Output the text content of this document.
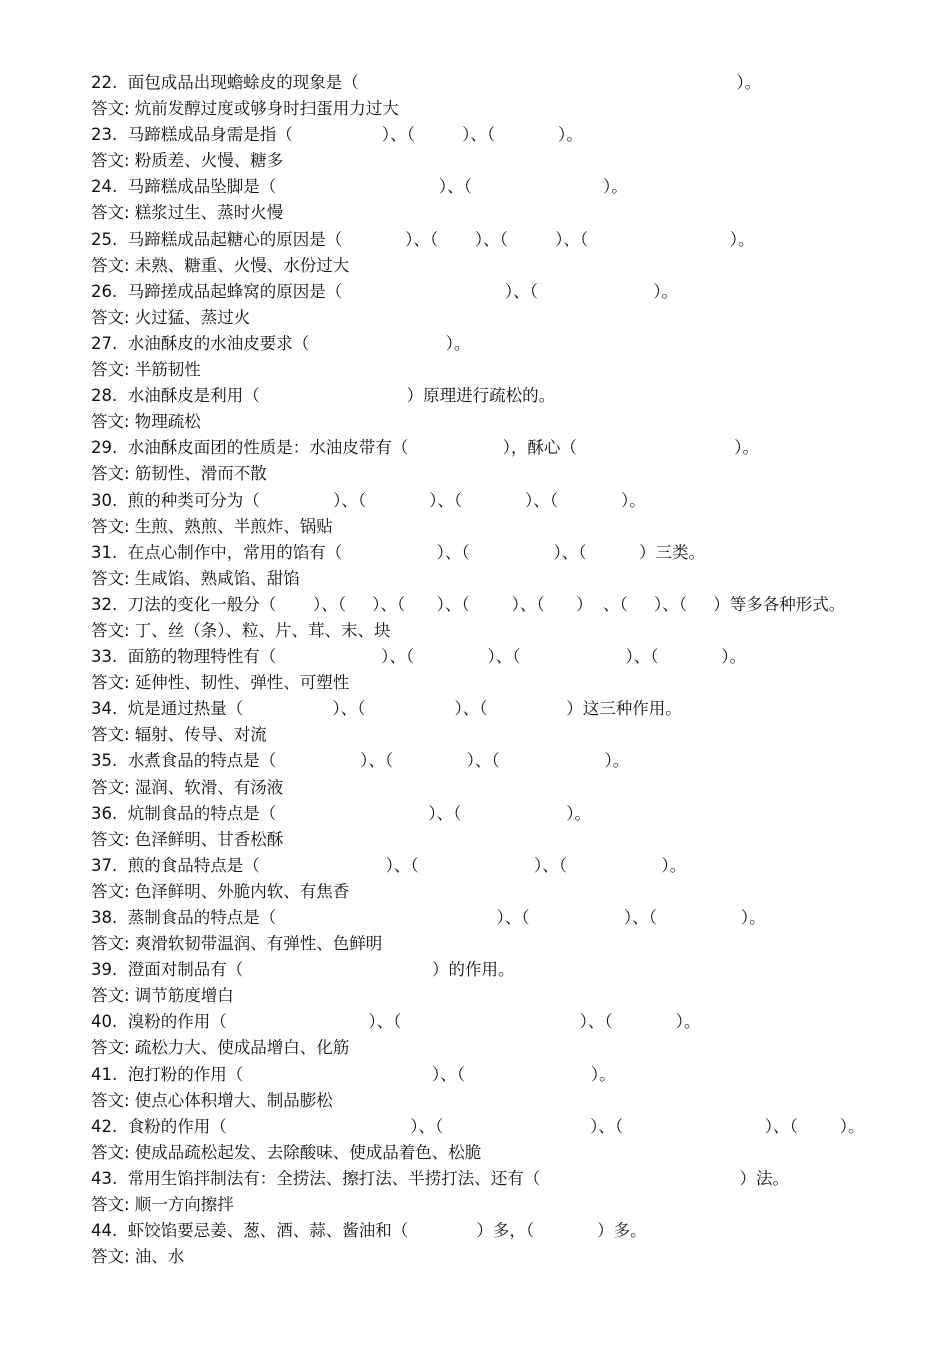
22.  面包成品出现蟾蜍皮的现象是（                                                                        ）。
答文: 炕前发醇过度或够身时扫蛋用力过大
23.  马蹄糕成品身需是指（                 ）、（         ）、（            ）。
答文: 粉质差、火慢、糖多
24.  马蹄糕成品坠脚是（                               ）、（                         ）。
答文: 糕浆过生、蒸时火慢
25.  马蹄糕成品起糖心的原因是（            ）、（       ）、（         ）、（                           ）。
答文: 未熟、糖重、火慢、水份过大
26.  马蹄搓成品起蜂窝的原因是（                               ）、（                      ）。
答文: 火过猛、蒸过火
27.  水油酥皮的水油皮要求（                          ）。
答文: 半筋韧性
28.  水油酥皮是利用（                            ）原理进行疏松的。
答文: 物理疏松
29.  水油酥皮面团的性质是：水油皮带有（                  ），酥心（                              ）。
答文: 筋韧性、滑而不散
30.  煎的种类可分为（              ）、（            ）、（            ）、（            ）。
答文: 生煎、熟煎、半煎炸、锅贴
31.  在点心制作中，常用的馅有（                  ）、（                ）、（          ）三类。
答文: 生咸馅、熟咸馅、甜馅
32.  刀法的变化一般分（       ）、（     ）、（      ）、（        ）、（      ）  、（     ）、（     ）等多各种形式。
答文: 丁、丝（条）、粒、片、茸、末、块
33.  面筋的物理特性有（                    ）、（              ）、（                    ）、（            ）。
答文: 延伸性、韧性、弹性、可塑性
34.  炕是通过热量（                 ）、（                 ）、（               ）这三种作用。
答文: 辐射、传导、对流
35.  水煮食品的特点是（                ）、（              ）、（                    ）。
答文: 湿润、软滑、有汤液
36.  炕制食品的特点是（                             ）、（                    ）。
答文: 色泽鲜明、甘香松酥
37.  煎的食品特点是（                        ）、（                      ）、（                  ）。
答文: 色泽鲜明、外脆内软、有焦香
38.  蒸制食品的特点是（                                          ）、（                  ）、（                ）。
答文: 爽滑软韧带温润、有弹性、色鲜明
39.  澄面对制品有（                                    ）的作用。
答文: 调节筋度增白
40.  溴粉的作用（                           ）、（                                  ）、（            ）。
答文: 疏松力大、使成品增白、化筋
41.  泡打粉的作用（                                    ）、（                        ）。
答文: 使点心体积增大、制品膨松
42.  食粉的作用（                                   ）、（                            ）、（                           ）、（        ）。
答文: 使成品疏松起发、去除酸味、使成品着色、松脆
43.  常用生馅拌制法有：全捞法、擦打法、半捞打法、还有（                                      ）法。
答文: 顺一方向擦拌
44.  虾饺馅要忌姜、葱、酒、蒜、酱油和（             ）多，（            ）多。
答文: 油、水
